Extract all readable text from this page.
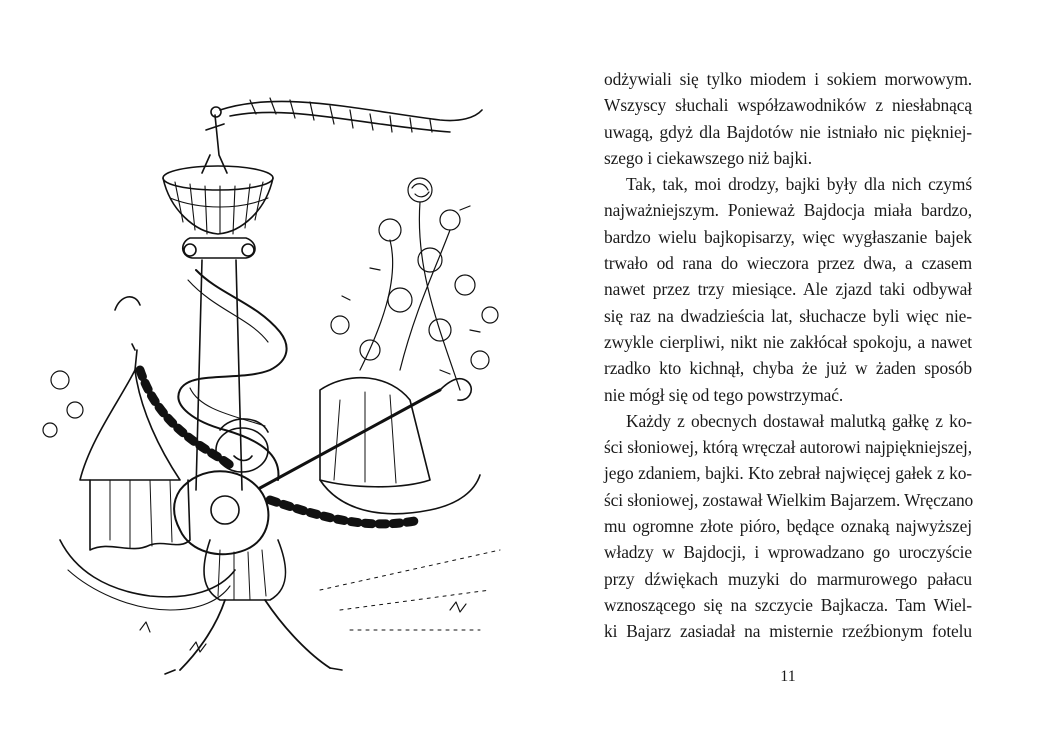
odżywiali się tylko miodem i sokiem morwowym.
Wszyscy słuchali współzawodników z niesłabnącą
uwagą, gdyż dla Bajdotów nie istniało nic piękniej-
szego i ciekawszego niż bajki.
Tak, tak, moi drodzy, bajki były dla nich czymś
najważniejszym. Ponieważ Bajdocja miała bardzo,
bardzo wielu bajkopisarzy, więc wygłaszanie bajek
trwało od rana do wieczora przez dwa, a czasem
nawet przez trzy miesiące. Ale zjazd taki odbywał
się raz na dwadzieścia lat, słuchacze byli więc nie-
zwykle cierpliwi, nikt nie zakłócał spokoju, a nawet
rzadko kto kichnął, chyba że już w żaden sposób
nie mógł się od tego powstrzymać.
Każdy z obecnych dostawał malutką gałkę z ko-
ści słoniowej, którą wręczał autorowi najpiękniejszej,
jego zdaniem, bajki. Kto zebrał najwięcej gałek z ko-
ści słoniowej, zostawał Wielkim Bajarzem. Wręczano
mu ogromne złote pióro, będące oznaką najwyższej
władzy w Bajdocji, i wprowadzano go uroczyście
przy dźwiękach muzyki do marmurowego pałacu
wznoszącego się na szczycie Bajkacza. Tam Wiel-
ki Bajarz zasiadał na misternie rzeźbionym fotelu
11
